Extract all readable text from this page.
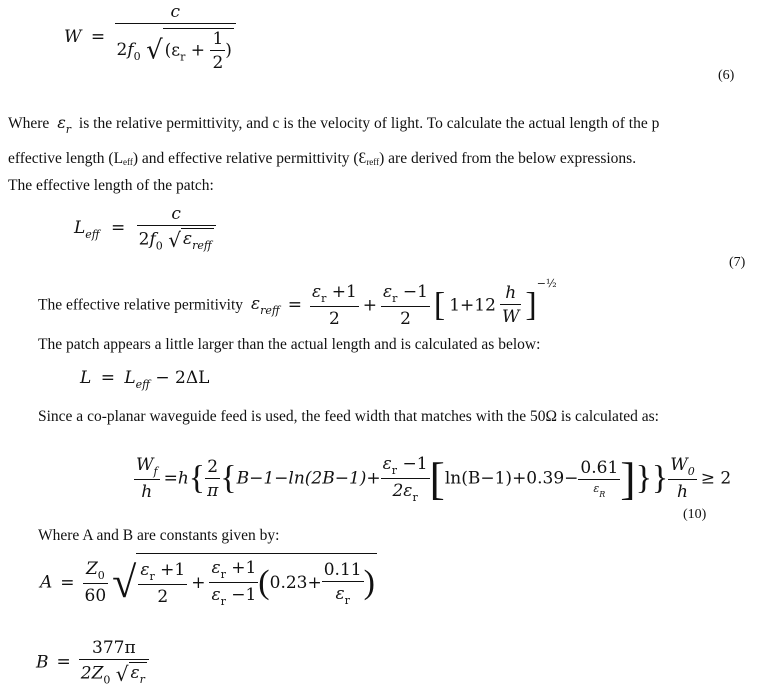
$W = \frac{c}{2f_0 √ (\varepsilon_r + \frac{1}{2} )}$
(6)
Where $\varepsilon_r$ is the relative permittivity, and c is the velocity of light. To calculate the actual length of the p
effective length $(L_{eff})$ and effective relative permittivity $(Ɛ_{reff})$ are derived from the below expressions.
The effective length of the patch:
$L_{eff} = \frac{c}{2f_0 √ \varepsilon_{reff}}$
(7)
The effective relative permitivity $\varepsilon_{reff} = \frac{\varepsilon_r +1}{2} + \frac{\varepsilon_r -1}{2}$ [ $1+12 \frac{h}{W} ]^{-\frac{1}{2}}$
The patch appears a little larger than the actual length and is calculated as below:
$L = L_{eff} - 2\Delta L$
Since a co-planar waveguide feed is used, the feed width that matches with the 50Ω is calculated as:
$\frac{W_f}{h} =h\{ \frac{2}{\pi} \{B-1-\ln(2B-1)+ \frac{\varepsilon_r -1}{2\varepsilon_r} [\ln(B-1)+0.39- \frac{0.61}{\varepsilon_R}$ ]}} $\frac{W_0}{h} \ge 2$
(10)
Where A and B are constants given by:
$A = \frac{Z_0}{60}$ √ $\frac{\varepsilon_r +1}{2} + \frac{\varepsilon_r +1}{\varepsilon_r -1} (0.23+ \frac{0.11}{\varepsilon_r}$ )
$B = \frac{377\pi}{2Z_0 √ \varepsilon_r}$
